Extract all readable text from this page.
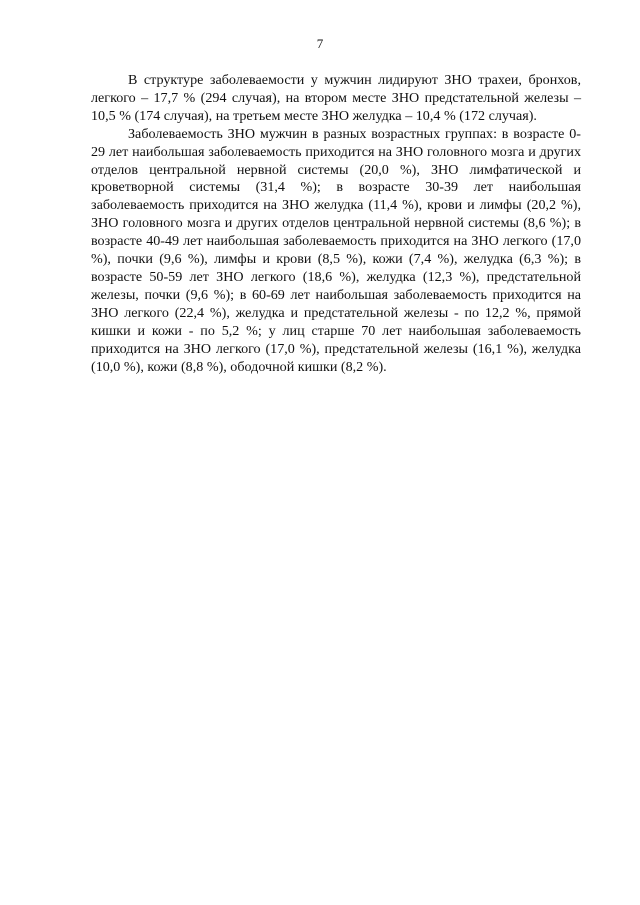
7

В структуре заболеваемости у мужчин лидируют ЗНО трахеи, бронхов, легкого – 17,7 % (294 случая), на втором месте ЗНО предстательной железы – 10,5 % (174 случая), на третьем месте ЗНО желудка – 10,4 % (172 случая).

Заболеваемость ЗНО мужчин в разных возрастных группах: в возрасте 0-29 лет наибольшая заболеваемость приходится на ЗНО головного мозга и других отделов центральной нервной системы (20,0 %), ЗНО лимфатической и кроветворной системы (31,4 %); в возрасте 30-39 лет наибольшая заболеваемость приходится на ЗНО желудка (11,4 %), крови и лимфы (20,2 %), ЗНО головного мозга и других отделов центральной нервной системы (8,6 %); в возрасте 40-49 лет наибольшая заболеваемость приходится на ЗНО легкого (17,0 %), почки (9,6 %), лимфы и крови (8,5 %), кожи (7,4 %), желудка (6,3 %); в возрасте 50-59 лет ЗНО легкого (18,6 %), желудка (12,3 %), предстательной железы, почки (9,6 %); в 60-69 лет наибольшая заболеваемость приходится на ЗНО легкого (22,4 %), желудка и предстательной железы - по 12,2 %, прямой кишки и кожи - по 5,2 %; у лиц старше 70 лет наибольшая заболеваемость приходится на ЗНО легкого (17,0 %), предстательной железы (16,1 %), желудка (10,0 %), кожи (8,8 %), ободочной кишки (8,2 %).
